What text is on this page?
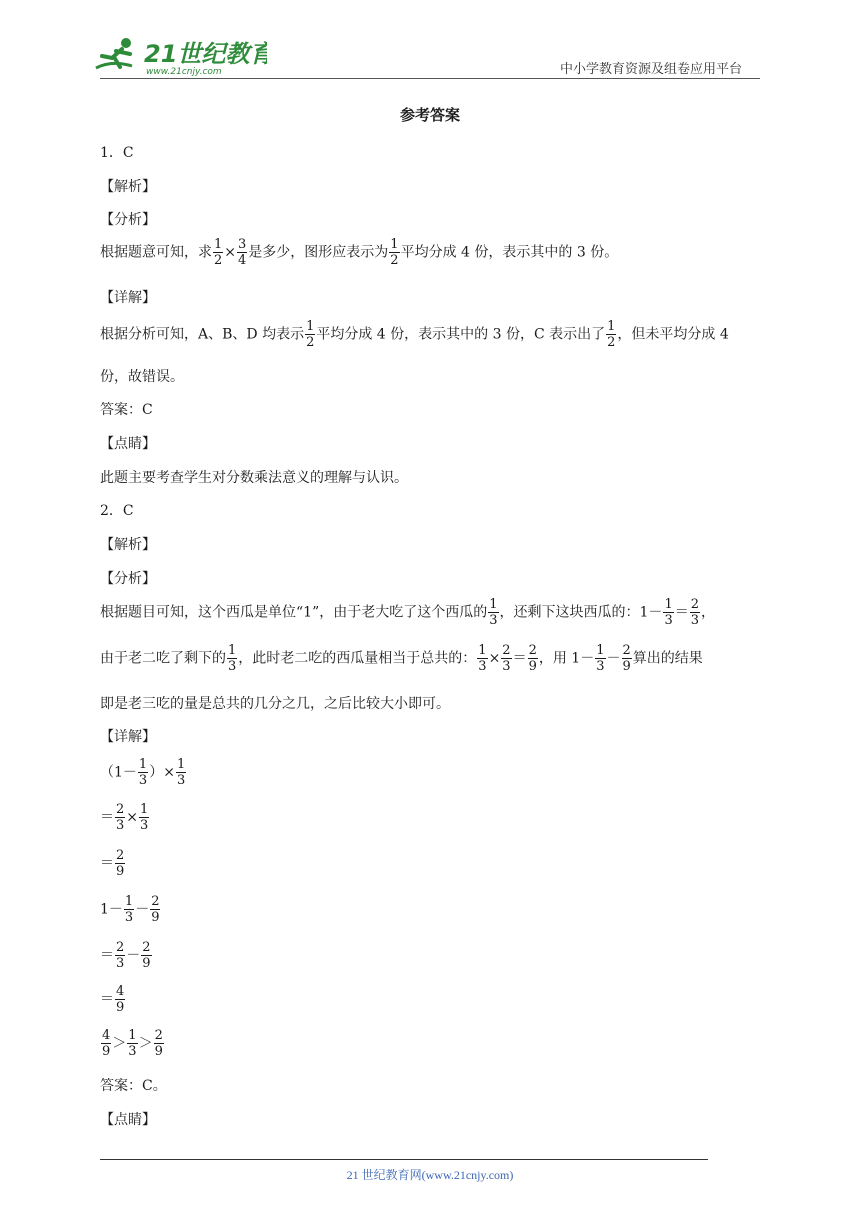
21世纪教育
www.21cnjy.com	中小学教育资源及组卷应用平台
参考答案
1．C
【解析】
【分析】
根据题意可知，求 $\frac{1}{2} \times \frac{3}{4}$ 是多少，图形应表示为 $\frac{1}{2}$ 平均分成 4 份，表示其中的 3 份。
【详解】
根据分析可知，A、B、D 均表示 $\frac{1}{2}$ 平均分成 4 份，表示其中的 3 份，C 表示出了 $\frac{1}{2}$ ，但未平均分成 4
份，故错误。
答案：C
【点睛】
此题主要考查学生对分数乘法意义的理解与认识。
2．C
【解析】
【分析】
根据题目可知，这个西瓜是单位“1”，由于老大吃了这个西瓜的 $\frac{1}{3}$ ，还剩下这块西瓜的：$1- \frac{1}{3} = \frac{2}{3}$ ，
由于老二吃了剩下的 $\frac{1}{3}$ ，此时老二吃的西瓜量相当于总共的： $\frac{1}{3} \times \frac{2}{3} = \frac{2}{9}$ ，用 $1- \frac{1}{3} - \frac{2}{9}$ 算出的结果
即是老三吃的量是总共的几分之几，之后比较大小即可。
【详解】
（$1- \frac{1}{3}$ ）× $\frac{1}{3}$
＝ $\frac{2}{3} \times \frac{1}{3}$
＝ $\frac{2}{9}$
$1- \frac{1}{3} - \frac{2}{9}$
＝ $\frac{2}{3} - \frac{2}{9}$
＝ $\frac{4}{9}$
$\frac{4}{9} > \frac{1}{3} > \frac{2}{9}$
答案：C。
【点睛】
21 世纪教育网(www.21cnjy.com)
